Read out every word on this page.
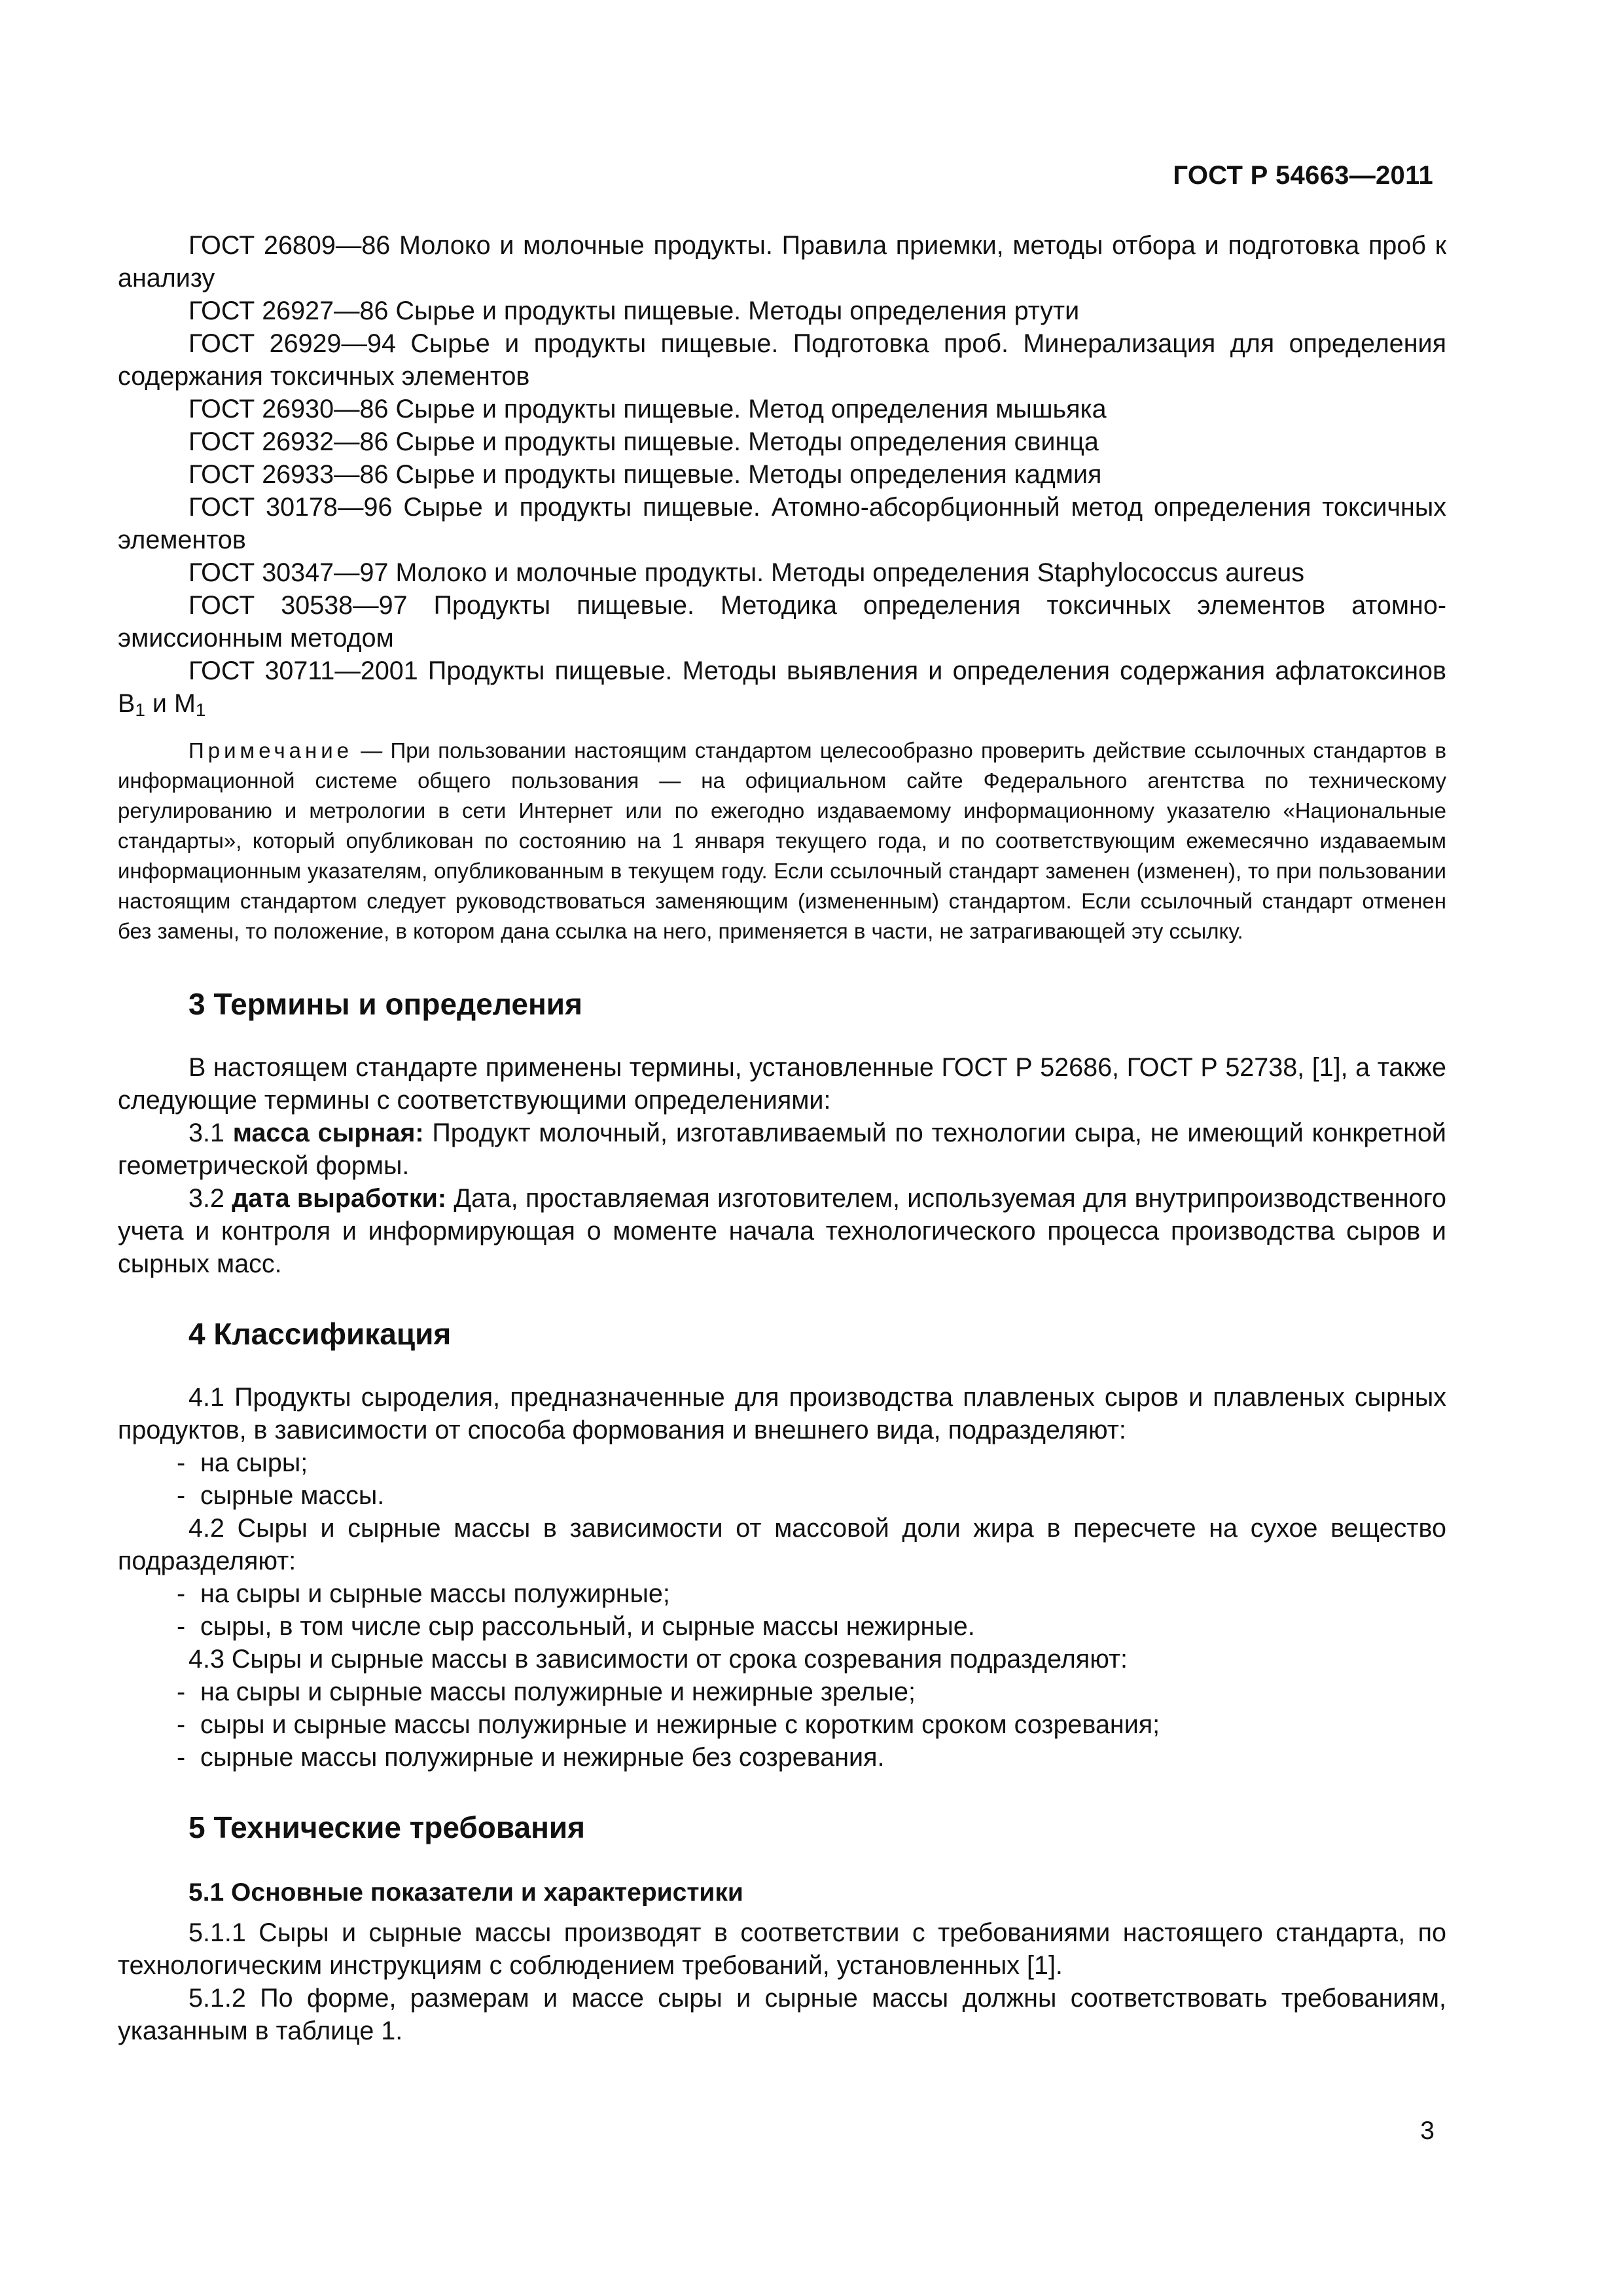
ГОСТ Р 54663—2011

ГОСТ 26809—86 Молоко и молочные продукты. Правила приемки, методы отбора и подготовка проб к анализу

ГОСТ 26927—86 Сырье и продукты пищевые. Методы определения ртути

ГОСТ 26929—94 Сырье и продукты пищевые. Подготовка проб. Минерализация для определения содержания токсичных элементов

ГОСТ 26930—86 Сырье и продукты пищевые. Метод определения мышьяка

ГОСТ 26932—86 Сырье и продукты пищевые. Методы определения свинца

ГОСТ 26933—86 Сырье и продукты пищевые. Методы определения кадмия

ГОСТ 30178—96 Сырье и продукты пищевые. Атомно-абсорбционный метод определения токсичных элементов

ГОСТ 30347—97 Молоко и молочные продукты. Методы определения Staphylococcus aureus

ГОСТ 30538—97 Продукты пищевые. Методика определения токсичных элементов атомно-эмиссионным методом

ГОСТ 30711—2001 Продукты пищевые. Методы выявления и определения содержания афлатоксинов $B_1$ и $M_1$

Примечание — При пользовании настоящим стандартом целесообразно проверить действие ссылочных стандартов в информационной системе общего пользования — на официальном сайте Федерального агентства по техническому регулированию и метрологии в сети Интернет или по ежегодно издаваемому информационному указателю «Национальные стандарты», который опубликован по состоянию на 1 января текущего года, и по соответствующим ежемесячно издаваемым информационным указателям, опубликованным в текущем году. Если ссылочный стандарт заменен (изменен), то при пользовании настоящим стандартом следует руководствоваться заменяющим (измененным) стандартом. Если ссылочный стандарт отменен без замены, то положение, в котором дана ссылка на него, применяется в части, не затрагивающей эту ссылку.

3 Термины и определения

В настоящем стандарте применены термины, установленные ГОСТ Р 52686, ГОСТ Р 52738, [1], а также следующие термины с соответствующими определениями:

3.1 масса сырная: Продукт молочный, изготавливаемый по технологии сыра, не имеющий конкретной геометрической формы.

3.2 дата выработки: Дата, проставляемая изготовителем, используемая для внутрипроизводственного учета и контроля и информирующая о моменте начала технологического процесса производства сыров и сырных масс.

4 Классификация

4.1 Продукты сыроделия, предназначенные для производства плавленых сыров и плавленых сырных продуктов, в зависимости от способа формования и внешнего вида, подразделяют:

- на сыры;
- сырные массы.

4.2 Сыры и сырные массы в зависимости от массовой доли жира в пересчете на сухое вещество подразделяют:

- на сыры и сырные массы полужирные;
- сыры, в том числе сыр рассольный, и сырные массы нежирные.

4.3 Сыры и сырные массы в зависимости от срока созревания подразделяют:

- на сыры и сырные массы полужирные и нежирные зрелые;
- сыры и сырные массы полужирные и нежирные с коротким сроком созревания;
- сырные массы полужирные и нежирные без созревания.
5 Технические требования
5.1 Основные показатели и характеристики

5.1.1 Сыры и сырные массы производят в соответствии с требованиями настоящего стандарта, по технологическим инструкциям с соблюдением требований, установленных [1].

5.1.2 По форме, размерам и массе сыры и сырные массы должны соответствовать требованиям, указанным в таблице 1.

3
